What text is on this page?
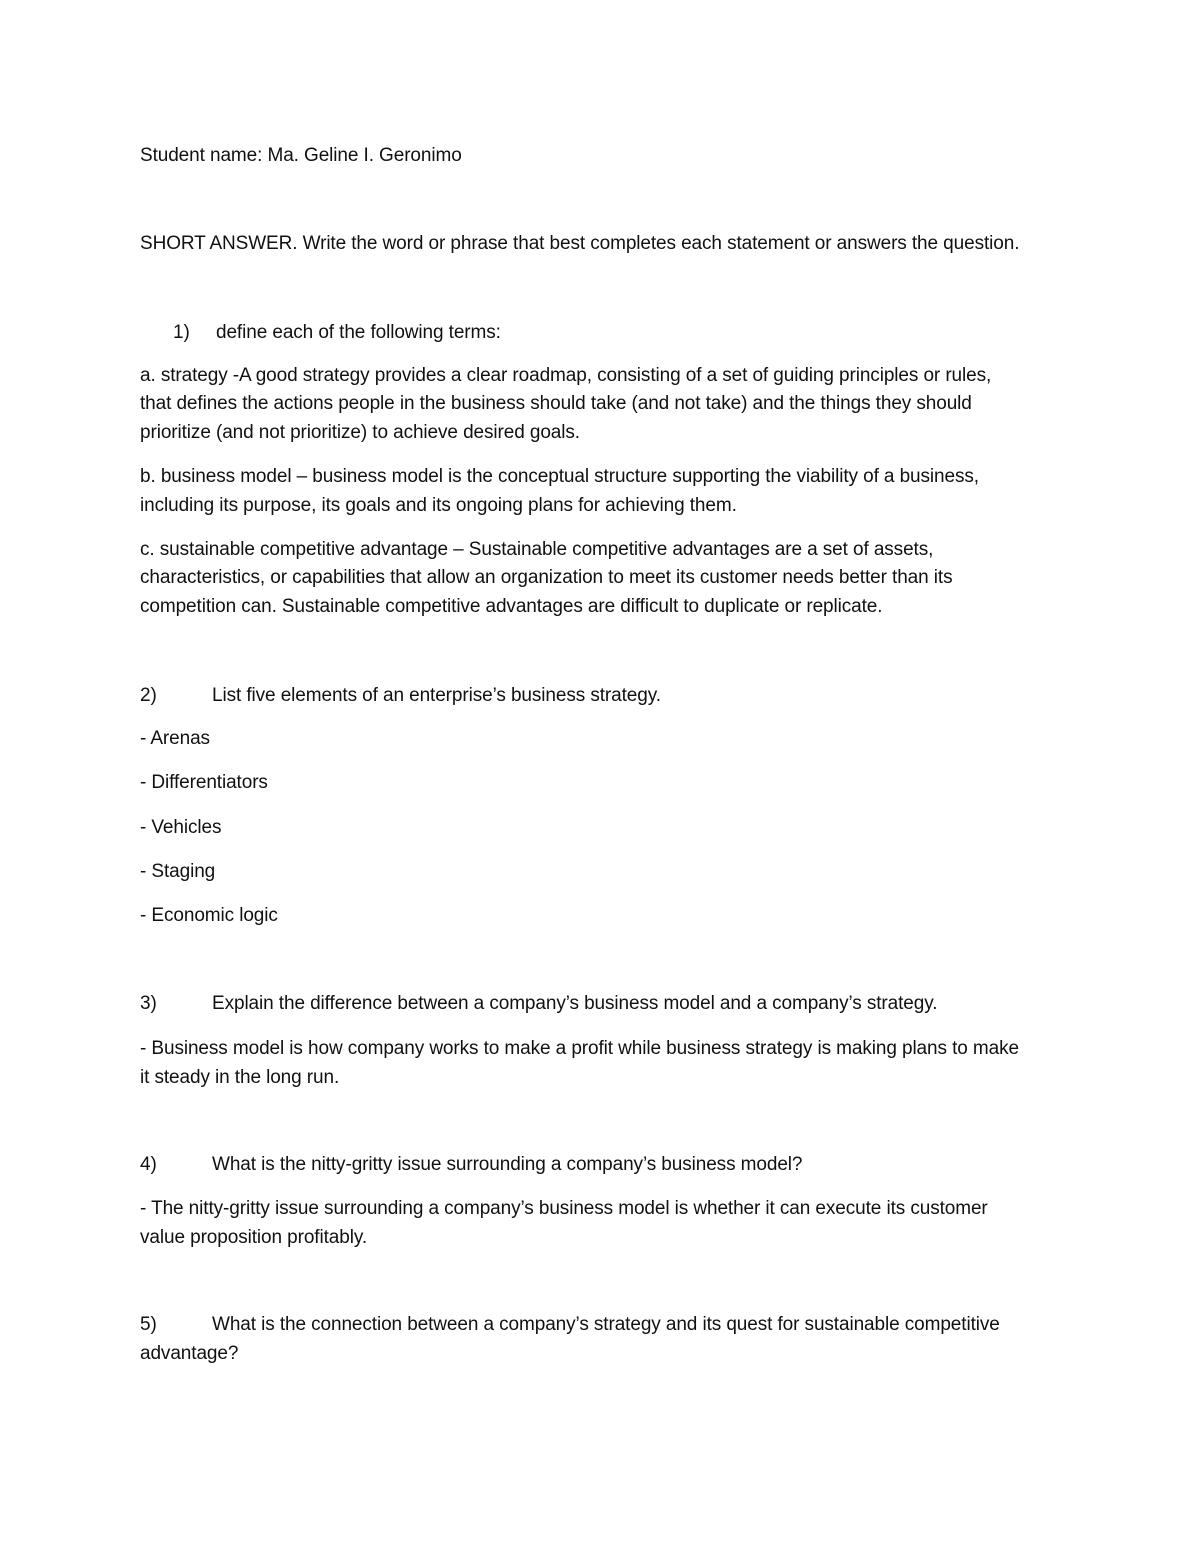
Student name: Ma. Geline I. Geronimo
SHORT ANSWER. Write the word or phrase that best completes each statement or answers the question.
1) define each of the following terms:
a. strategy -A good strategy provides a clear roadmap, consisting of a set of guiding principles or rules,
that defines the actions people in the business should take (and not take) and the things they should
prioritize (and not prioritize) to achieve desired goals.
b. business model – business model is the conceptual structure supporting the viability of a business,
including its purpose, its goals and its ongoing plans for achieving them.
c. sustainable competitive advantage – Sustainable competitive advantages are a set of assets,
characteristics, or capabilities that allow an organization to meet its customer needs better than its
competition can. Sustainable competitive advantages are difficult to duplicate or replicate.
2)	List five elements of an enterprise’s business strategy.
- Arenas
- Differentiators
- Vehicles
- Staging
- Economic logic
3)	Explain the difference between a company’s business model and a company’s strategy.
- Business model is how company works to make a profit while business strategy is making plans to make
it steady in the long run.
4)	What is the nitty-gritty issue surrounding a company’s business model?
- The nitty-gritty issue surrounding a company’s business model is whether it can execute its customer
value proposition profitably.
5)	What is the connection between a company’s strategy and its quest for sustainable competitive
advantage?
